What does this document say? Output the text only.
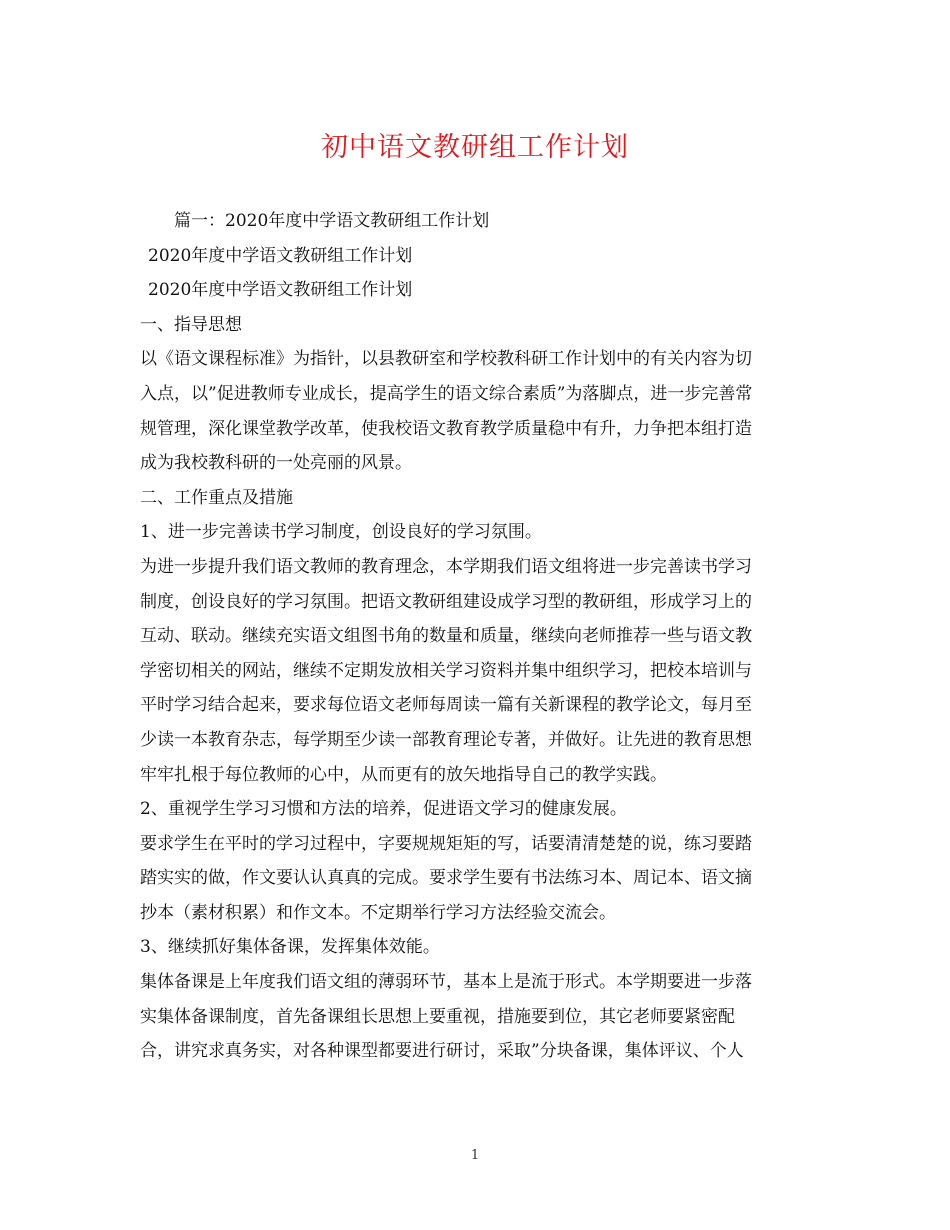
初中语文教研组工作计划
篇一：2020年度中学语文教研组工作计划
2020年度中学语文教研组工作计划
2020年度中学语文教研组工作计划
一、指导思想
以《语文课程标准》为指针，以县教研室和学校教科研工作计划中的有关内容为切
入点，以”促进教师专业成长，提高学生的语文综合素质”为落脚点，进一步完善常
规管理，深化课堂教学改革，使我校语文教育教学质量稳中有升，力争把本组打造
成为我校教科研的一处亮丽的风景。
二、工作重点及措施
1、进一步完善读书学习制度，创设良好的学习氛围。
为进一步提升我们语文教师的教育理念，本学期我们语文组将进一步完善读书学习
制度，创设良好的学习氛围。把语文教研组建设成学习型的教研组，形成学习上的
互动、联动。继续充实语文组图书角的数量和质量，继续向老师推荐一些与语文教
学密切相关的网站，继续不定期发放相关学习资料并集中组织学习，把校本培训与
平时学习结合起来，要求每位语文老师每周读一篇有关新课程的教学论文，每月至
少读一本教育杂志，每学期至少读一部教育理论专著，并做好。让先进的教育思想
牢牢扎根于每位教师的心中，从而更有的放矢地指导自己的教学实践。
2、重视学生学习习惯和方法的培养，促进语文学习的健康发展。
要求学生在平时的学习过程中，字要规规矩矩的写，话要清清楚楚的说，练习要踏
踏实实的做，作文要认认真真的完成。要求学生要有书法练习本、周记本、语文摘
抄本（素材积累）和作文本。不定期举行学习方法经验交流会。
3、继续抓好集体备课，发挥集体效能。
集体备课是上年度我们语文组的薄弱环节，基本上是流于形式。本学期要进一步落
实集体备课制度，首先备课组长思想上要重视，措施要到位，其它老师要紧密配
合，讲究求真务实，对各种课型都要进行研讨，采取”分块备课，集体评议、个人
1
